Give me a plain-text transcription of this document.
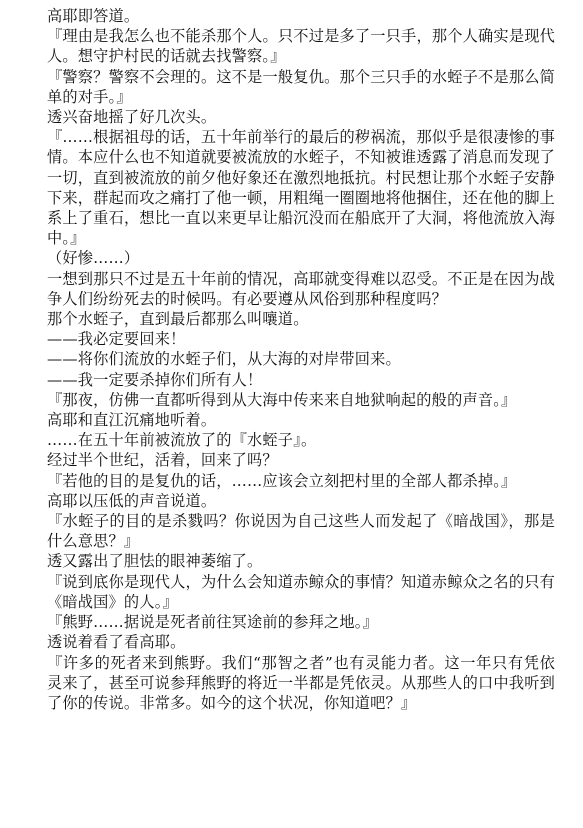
高耶即答道。

『理由是我怎么也不能杀那个人。只不过是多了一只手，那个人确实是现代人。想守护村民的话就去找警察。』

『警察？警察不会理的。这不是一般复仇。那个三只手的水蛭子不是那么简单的对手。』

透兴奋地摇了好几次头。

『……根据祖母的话，五十年前举行的最后的秽祸流，那似乎是很凄惨的事情。本应什么也不知道就要被流放的水蛭子，不知被谁透露了消息而发现了一切，直到被流放的前夕他好象还在激烈地抵抗。村民想让那个水蛭子安静下来，群起而攻之痛打了他一顿，用粗绳一圈圈地将他捆住，还在他的脚上系上了重石，想比一直以来更早让船沉没而在船底开了大洞，将他流放入海中。』

（好惨……）

一想到那只不过是五十年前的情况，高耶就变得难以忍受。不正是在因为战争人们纷纷死去的时候吗。有必要遵从风俗到那种程度吗？

那个水蛭子，直到最后都那么叫嚷道。

——我必定要回来！

——将你们流放的水蛭子们，从大海的对岸带回来。

——我一定要杀掉你们所有人！

『那夜，仿佛一直都听得到从大海中传来来自地狱响起的般的声音。』

高耶和直江沉痛地听着。

……在五十年前被流放了的『水蛭子』。

经过半个世纪，活着，回来了吗？

『若他的目的是复仇的话，……应该会立刻把村里的全部人都杀掉。』

高耶以压低的声音说道。

『水蛭子的目的是杀戮吗？你说因为自己这些人而发起了《暗战国》，那是什么意思？』

透又露出了胆怯的眼神萎缩了。

『说到底你是现代人，为什么会知道赤鲸众的事情？知道赤鲸众之名的只有《暗战国》的人。』

『熊野……据说是死者前往冥途前的参拜之地。』

透说着看了看高耶。

『许多的死者来到熊野。我们“那智之者”也有灵能力者。这一年只有凭依灵来了，甚至可说参拜熊野的将近一半都是凭依灵。从那些人的口中我听到了你的传说。非常多。如今的这个状况，你知道吧？』
